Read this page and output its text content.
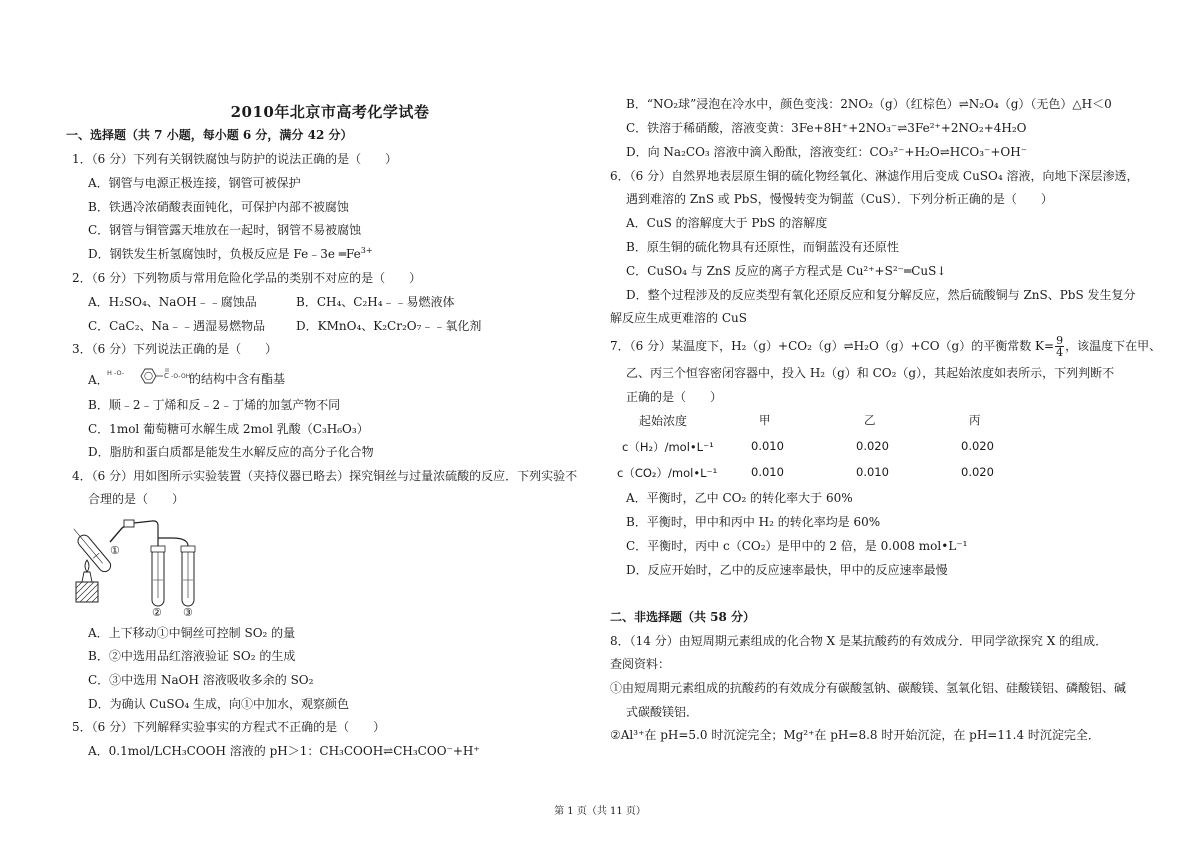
2010年北京市高考化学试卷
一、选择题（共 7 小题，每小题 6 分，满分 42 分）
1．（6 分）下列有关钢铁腐蚀与防护的说法正确的是（　　）
A．钢管与电源正极连接，钢管可被保护
B．铁遇冷浓硝酸表面钝化，可保护内部不被腐蚀
C．钢管与铜管露天堆放在一起时，钢管不易被腐蚀
D．钢铁发生析氢腐蚀时，负极反应是 Fe﹣3e $═Fe^{3+}$
2．（6 分）下列物质与常用危险化学品的类别不对应的是（　　）
A．H₂SO₄、NaOH﹣﹣腐蚀品	B．CH₄、C₂H₄﹣﹣易燃液体
C．CaC₂、Na﹣﹣遇湿易燃物品	D．KMnO₄、K₂Cr₂O₇﹣﹣氧化剂
3．（6 分）下列说法正确的是（　　）
A．
H -O-	C -O- OH
的结构中含有酯基
B．顺﹣2﹣丁烯和反﹣2﹣丁烯的加氢产物不同
C．1mol 葡萄糖可水解生成 2mol 乳酸（C₃H₆O₃）
D．脂肪和蛋白质都是能发生水解反应的高分子化合物
4．（6 分）用如图所示实验装置（夹持仪器已略去）探究铜丝与过量浓硫酸的反应．下列实验不
合理的是（　　）
①
② ③
A．上下移动①中铜丝可控制 SO₂ 的量
B．②中选用品红溶液验证 SO₂ 的生成
C．③中选用 NaOH 溶液吸收多余的 SO₂
D．为确认 CuSO₄ 生成，向①中加水，观察颜色
5．（6 分）下列解释实验事实的方程式不正确的是（　　）
A．0.1mol/LCH₃COOH 溶液的 pH＞1：CH₃COOH⇌CH₃COO⁻+H⁺
B．“NO₂球”浸泡在冷水中，颜色变浅：2NO₂（g）（红棕色）⇌N₂O₄（g）（无色）△H＜0
C．铁溶于稀硝酸，溶液变黄：3Fe+8H⁺+2NO₃⁻⇌3Fe²⁺+2NO₂+4H₂O
D．向 Na₂CO₃ 溶液中滴入酚酞，溶液变红：CO₃²⁻+H₂O⇌HCO₃⁻+OH⁻
6．（6 分）自然界地表层原生铜的硫化物经氧化、淋滤作用后变成 CuSO₄ 溶液，向地下深层渗透，
遇到难溶的 ZnS 或 PbS，慢慢转变为铜蓝（CuS）．下列分析正确的是（　　）
A．CuS 的溶解度大于 PbS 的溶解度
B．原生铜的硫化物具有还原性，而铜蓝没有还原性
C．CuSO₄ 与 ZnS 反应的离子方程式是 Cu²⁺+S²⁻═CuS↓
D．整个过程涉及的反应类型有氧化还原反应和复分解反应，然后硫酸铜与 ZnS、PbS 发生复分
解反应生成更难溶的 CuS
7．（6 分）某温度下，H₂（g）+CO₂（g）⇌H₂O（g）+CO（g）的平衡常数 $K= \frac{9}{4}$ ，该温度下在甲、
乙、丙三个恒容密闭容器中，投入 H₂（g）和 CO₂（g），其起始浓度如表所示，下列判断不
正确的是（　　）
起始浓度	甲	乙	丙
c（H₂）/mol•L⁻¹	0.010	0.020	0.020
c（CO₂）/mol•L⁻¹	0.010	0.010	0.020
A．平衡时，乙中 CO₂ 的转化率大于 60%
B．平衡时，甲中和丙中 H₂ 的转化率均是 60%
C．平衡时，丙中 c（CO₂）是甲中的 2 倍，是 0.008 mol•L⁻¹
D．反应开始时，乙中的反应速率最快，甲中的反应速率最慢
二、非选择题（共 58 分）
8．（14 分）由短周期元素组成的化合物 X 是某抗酸药的有效成分．甲同学欲探究 X 的组成．
查阅资料：
①由短周期元素组成的抗酸药的有效成分有碳酸氢钠、碳酸镁、氢氧化铝、硅酸镁铝、磷酸铝、碱
式碳酸镁铝．
②Al³⁺在 pH=5.0 时沉淀完全；Mg²⁺在 pH=8.8 时开始沉淀，在 pH=11.4 时沉淀完全．
第 1 页（共 11 页）
